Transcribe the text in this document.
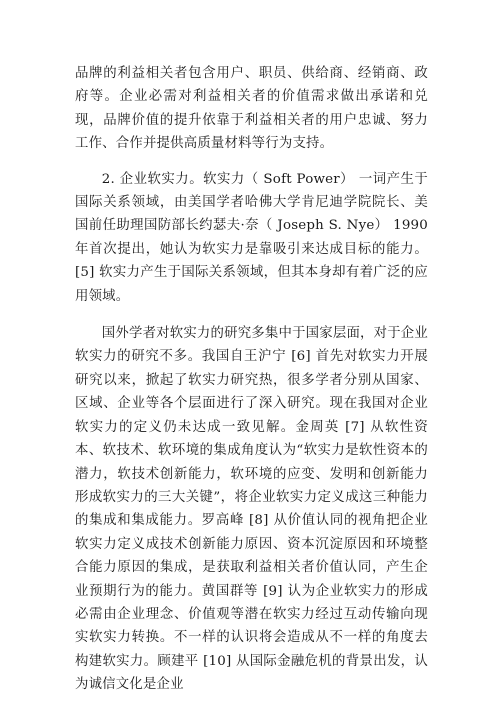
品牌的利益相关者包含用户、职员、供给商、经销商、政府等。企业必需对利益相关者的价值需求做出承诺和兑现，品牌价值的提升依靠于利益相关者的用户忠诚、努力工作、合作并提供高质量材料等行为支持。

2. 企业软实力。软实力（ Soft Power） 一词产生于国际关系领域，由美国学者哈佛大学肯尼迪学院院长、美国前任助理国防部长约瑟夫·奈（ Joseph S. Nye） 1990 年首次提出，她认为软实力是靠吸引来达成目标的能力。[5] 软实力产生于国际关系领域，但其本身却有着广泛的应用领域。

国外学者对软实力的研究多集中于国家层面，对于企业软实力的研究不多。我国自王沪宁 [6] 首先对软实力开展研究以来，掀起了软实力研究热，很多学者分别从国家、区域、企业等各个层面进行了深入研究。现在我国对企业软实力的定义仍未达成一致见解。金周英 [7] 从软性资本、软技术、软环境的集成角度认为“软实力是软性资本的潜力，软技术创新能力，软环境的应变、发明和创新能力形成软实力的三大关键”，将企业软实力定义成这三种能力的集成和集成能力。罗高峰 [8] 从价值认同的视角把企业软实力定义成技术创新能力原因、资本沉淀原因和环境整合能力原因的集成，是获取利益相关者价值认同，产生企业预期行为的能力。黄国群等 [9] 认为企业软实力的形成必需由企业理念、价值观等潜在软实力经过互动传输向现实软实力转换。不一样的认识将会造成从不一样的角度去构建软实力。顾建平 [10] 从国际金融危机的背景出发，认为诚信文化是企业
